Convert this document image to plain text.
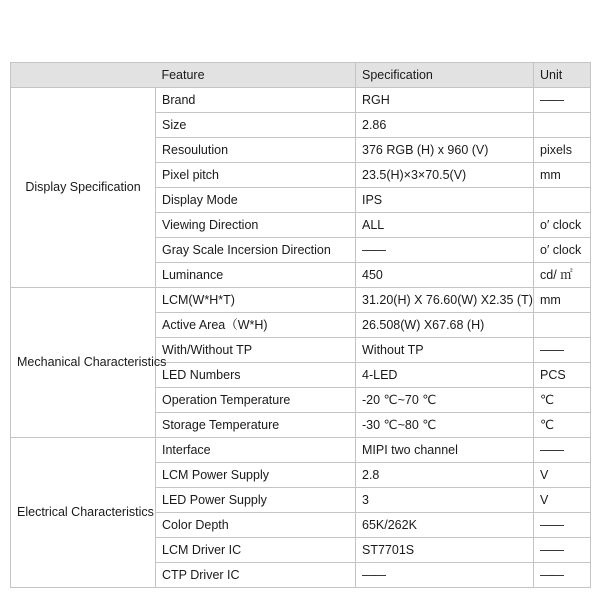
Feature		Specification	Unit
Display Specification	Brand	RGH	——
	Size	2.86	
	Resoulution	376 RGB (H) x 960 (V)	pixels
	Pixel pitch	23.5(H)×3×70.5(V)	mm
	Display Mode	IPS	
	Viewing Direction	ALL	o′ clock
	Gray Scale Incersion Direction	——	o′ clock
	Luminance	450	cd/ ㎡
Mechanical Characteristics	LCM(W*H*T)	31.20(H) X 76.60(W) X2.35 (T)	mm
	Active Area（W*H)	26.508(W) X67.68 (H)	
	With/Without TP	Without TP	——
	LED Numbers	4-LED	PCS
	Operation Temperature	-20 ℃~70 ℃	℃
	Storage Temperature	-30 ℃~80 ℃	℃
Electrical Characteristics	Interface	MIPI two channel	——
	LCM Power Supply	2.8	V
	LED Power Supply	3	V
	Color Depth	65K/262K	——
	LCM Driver IC	ST7701S	——
	CTP Driver IC	——	——
